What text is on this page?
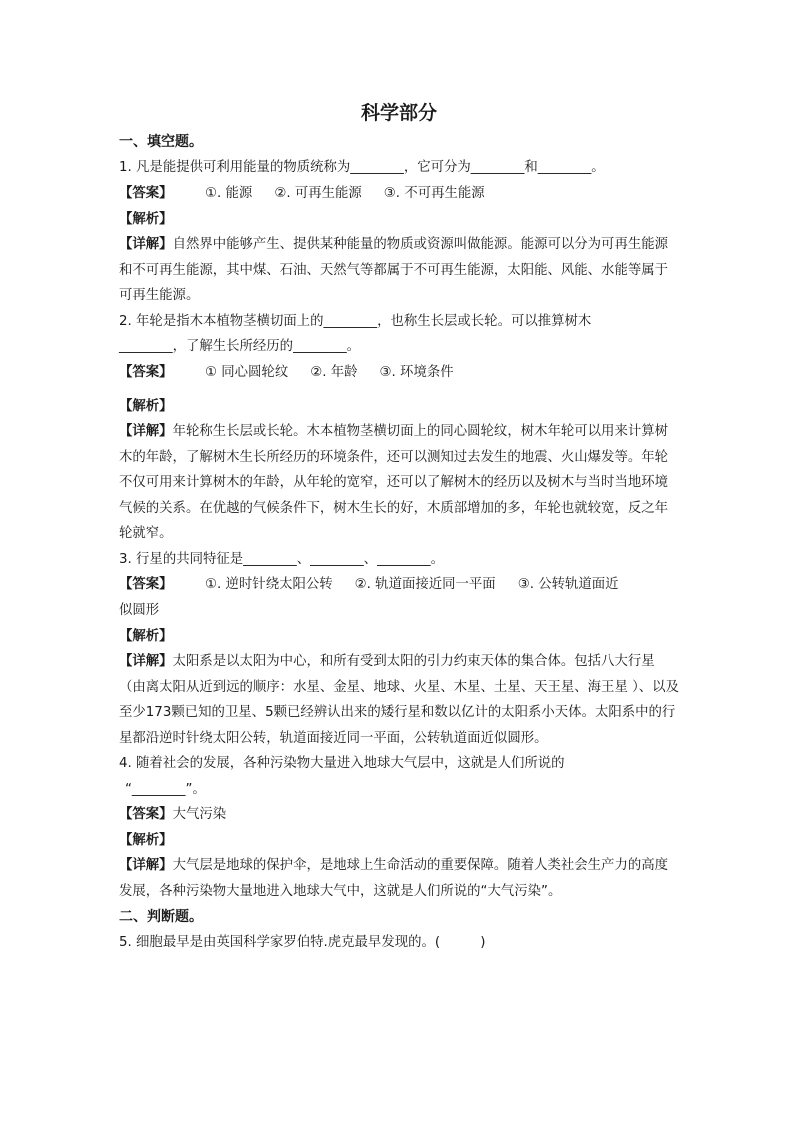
科学部分
一、填空题。
1. 凡是能提供可利用能量的物质统称为________，它可分为________和________。
【答案】	①. 能源 ②. 可再生能源 ③. 不可再生能源
【解析】
【详解】自然界中能够产生、提供某种能量的物质或资源叫做能源。能源可以分为可再生能源和不可再生能源，其中煤、石油、天然气等都属于不可再生能源，太阳能、风能、水能等属于可再生能源。
2. 年轮是指木本植物茎横切面上的________，也称生长层或长轮。可以推算树木
________，了解生长所经历的________。
【答案】	① 同心圆轮纹 ②. 年龄 ③. 环境条件
【解析】
【详解】年轮称生长层或长轮。木本植物茎横切面上的同心圆轮纹，树木年轮可以用来计算树木的年龄，了解树木生长所经历的环境条件，还可以测知过去发生的地震、火山爆发等。年轮不仅可用来计算树木的年龄，从年轮的宽窄，还可以了解树木的经历以及树木与当时当地环境气候的关系。在优越的气候条件下，树木生长的好，木质部增加的多，年轮也就较宽，反之年轮就窄。
3. 行星的共同特征是________、________、________。
【答案】	①. 逆时针绕太阳公转 ②. 轨道面接近同一平面 ③. 公转轨道面近
似圆形
【解析】
【详解】太阳系是以太阳为中心，和所有受到太阳的引力约束天体的集合体。包括八大行星（由离太阳从近到远的顺序：水星、金星、地球、火星、木星、土星、天王星、海王星 ）、以及至少173颗已知的卫星、5颗已经辨认出来的矮行星和数以亿计的太阳系小天体。太阳系中的行星都沿逆时针绕太阳公转，轨道面接近同一平面，公转轨道面近似圆形。
4. 随着社会的发展，各种污染物大量进入地球大气层中，这就是人们所说的
“________”。
【答案】大气污染
【解析】
【详解】大气层是地球的保护伞，是地球上生命活动的重要保障。随着人类社会生产力的高度发展，各种污染物大量地进入地球大气中，这就是人们所说的“大气污染”。
二、判断题。
5. 细胞最早是由英国科学家罗伯特.虎克最早发现的。(　　　)
